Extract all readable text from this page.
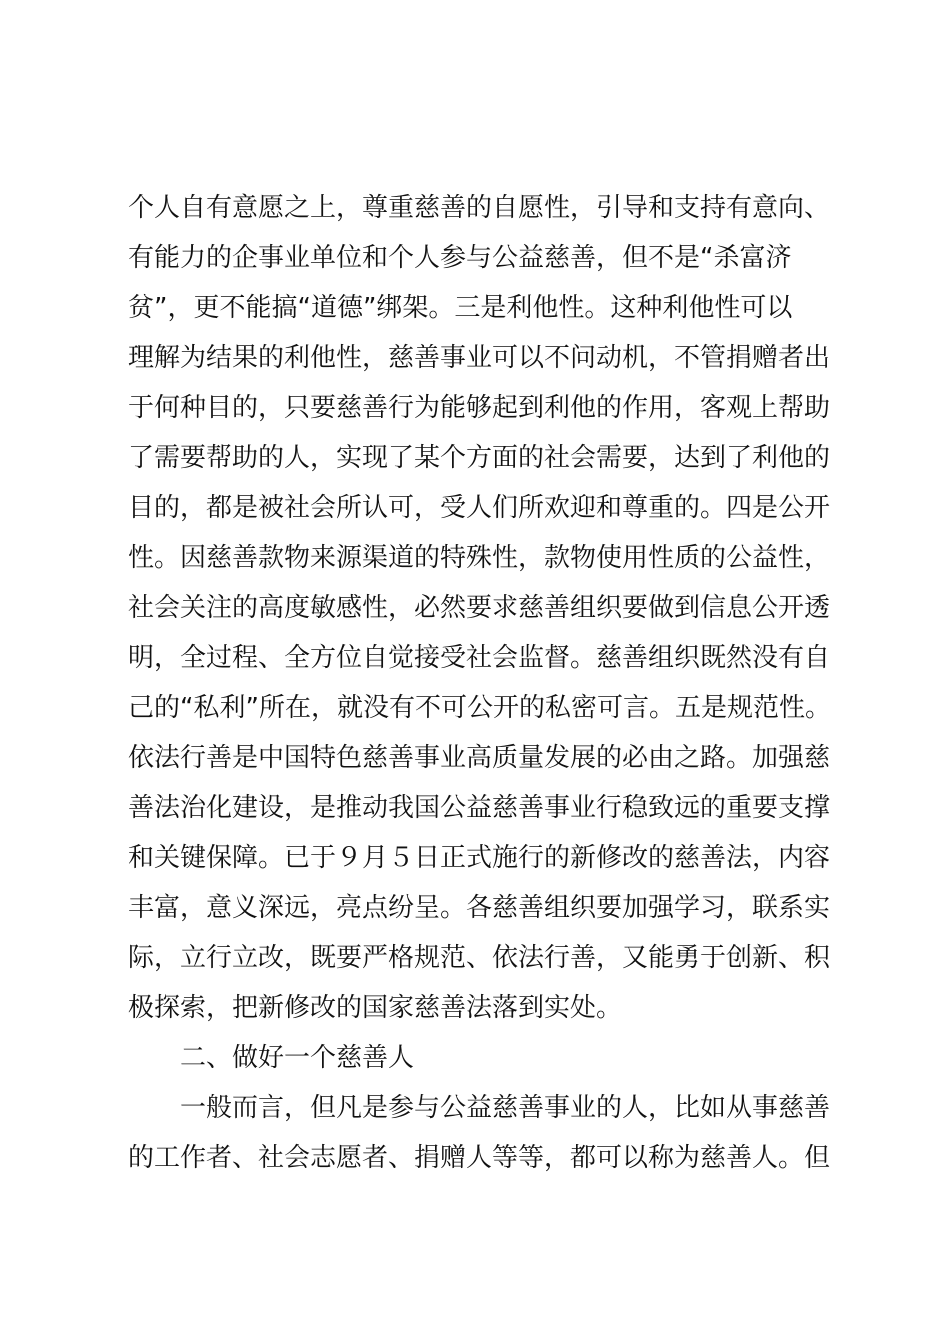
个人自有意愿之上，尊重慈善的自愿性，引导和支持有意向、
有能力的企事业单位和个人参与公益慈善，但不是“杀富济
贫”，更不能搞“道德”绑架。三是利他性。这种利他性可以
理解为结果的利他性，慈善事业可以不问动机，不管捐赠者出
于何种目的，只要慈善行为能够起到利他的作用，客观上帮助
了需要帮助的人，实现了某个方面的社会需要，达到了利他的
目的，都是被社会所认可，受人们所欢迎和尊重的。四是公开
性。因慈善款物来源渠道的特殊性，款物使用性质的公益性，
社会关注的高度敏感性，必然要求慈善组织要做到信息公开透
明，全过程、全方位自觉接受社会监督。慈善组织既然没有自
己的“私利”所在，就没有不可公开的私密可言。五是规范性。
依法行善是中国特色慈善事业高质量发展的必由之路。加强慈
善法治化建设，是推动我国公益慈善事业行稳致远的重要支撑
和关键保障。已于９月５日正式施行的新修改的慈善法，内容
丰富，意义深远，亮点纷呈。各慈善组织要加强学习，联系实
际，立行立改，既要严格规范、依法行善，又能勇于创新、积
极探索，把新修改的国家慈善法落到实处。
二、做好一个慈善人
一般而言，但凡是参与公益慈善事业的人，比如从事慈善
的工作者、社会志愿者、捐赠人等等，都可以称为慈善人。但
